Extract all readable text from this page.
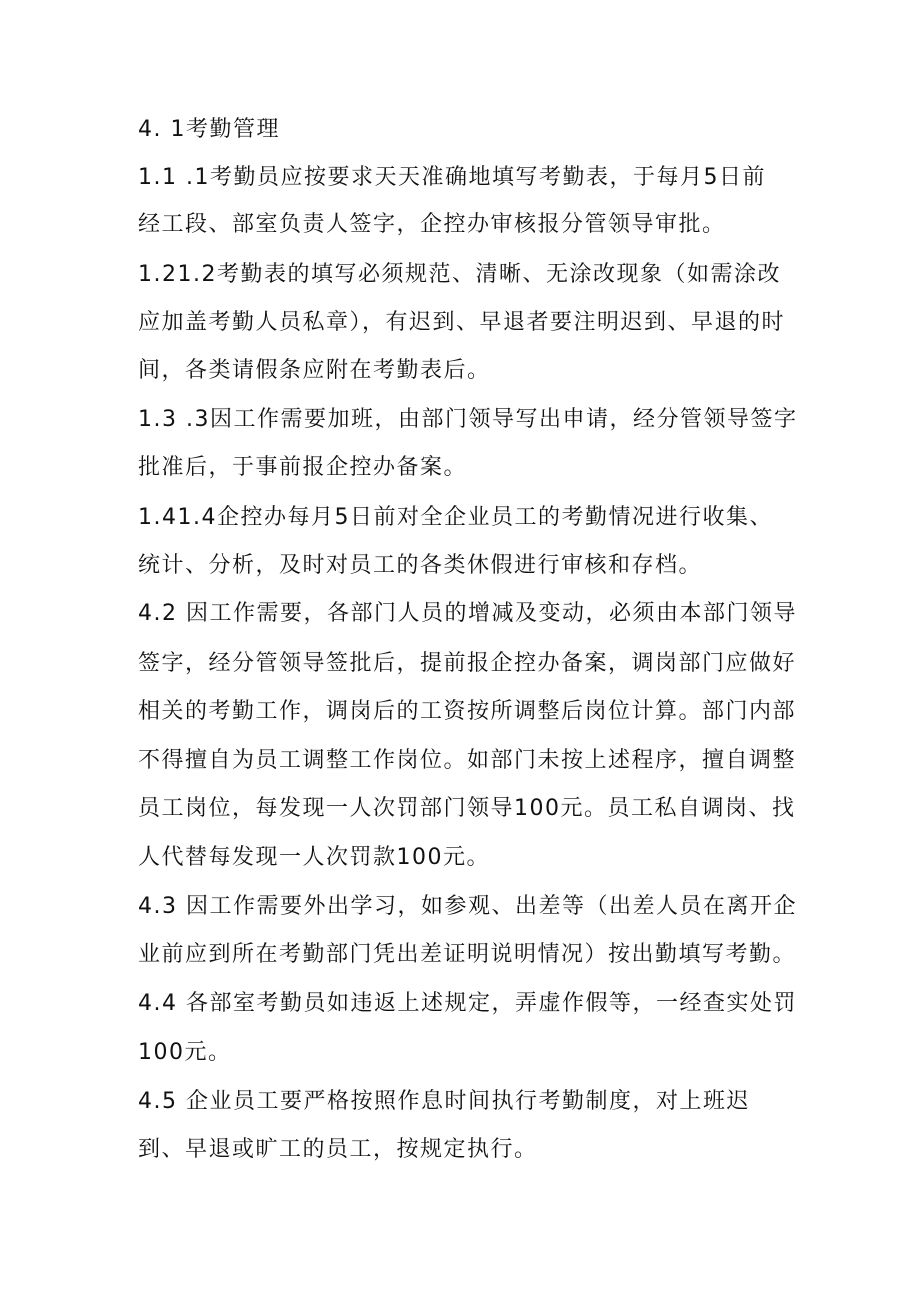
4. 1考勤管理
1.1 .1考勤员应按要求天天准确地填写考勤表，于每月5日前
经工段、部室负责人签字，企控办审核报分管领导审批。
1.21.2考勤表的填写必须规范、清晰、无涂改现象（如需涂改
应加盖考勤人员私章），有迟到、早退者要注明迟到、早退的时
间，各类请假条应附在考勤表后。
1.3 .3因工作需要加班，由部门领导写出申请，经分管领导签字
批准后，于事前报企控办备案。
1.41.4企控办每月5日前对全企业员工的考勤情况进行收集、
统计、分析，及时对员工的各类休假进行审核和存档。
4.2 因工作需要，各部门人员的增减及变动，必须由本部门领导
签字，经分管领导签批后，提前报企控办备案，调岗部门应做好
相关的考勤工作，调岗后的工资按所调整后岗位计算。部门内部
不得擅自为员工调整工作岗位。如部门未按上述程序，擅自调整
员工岗位，每发现一人次罚部门领导100元。员工私自调岗、找
人代替每发现一人次罚款100元。
4.3 因工作需要外出学习，如参观、出差等（出差人员在离开企
业前应到所在考勤部门凭出差证明说明情况）按出勤填写考勤。
4.4 各部室考勤员如违返上述规定，弄虚作假等，一经查实处罚
100元。
4.5 企业员工要严格按照作息时间执行考勤制度，对上班迟
到、早退或旷工的员工，按规定执行。
